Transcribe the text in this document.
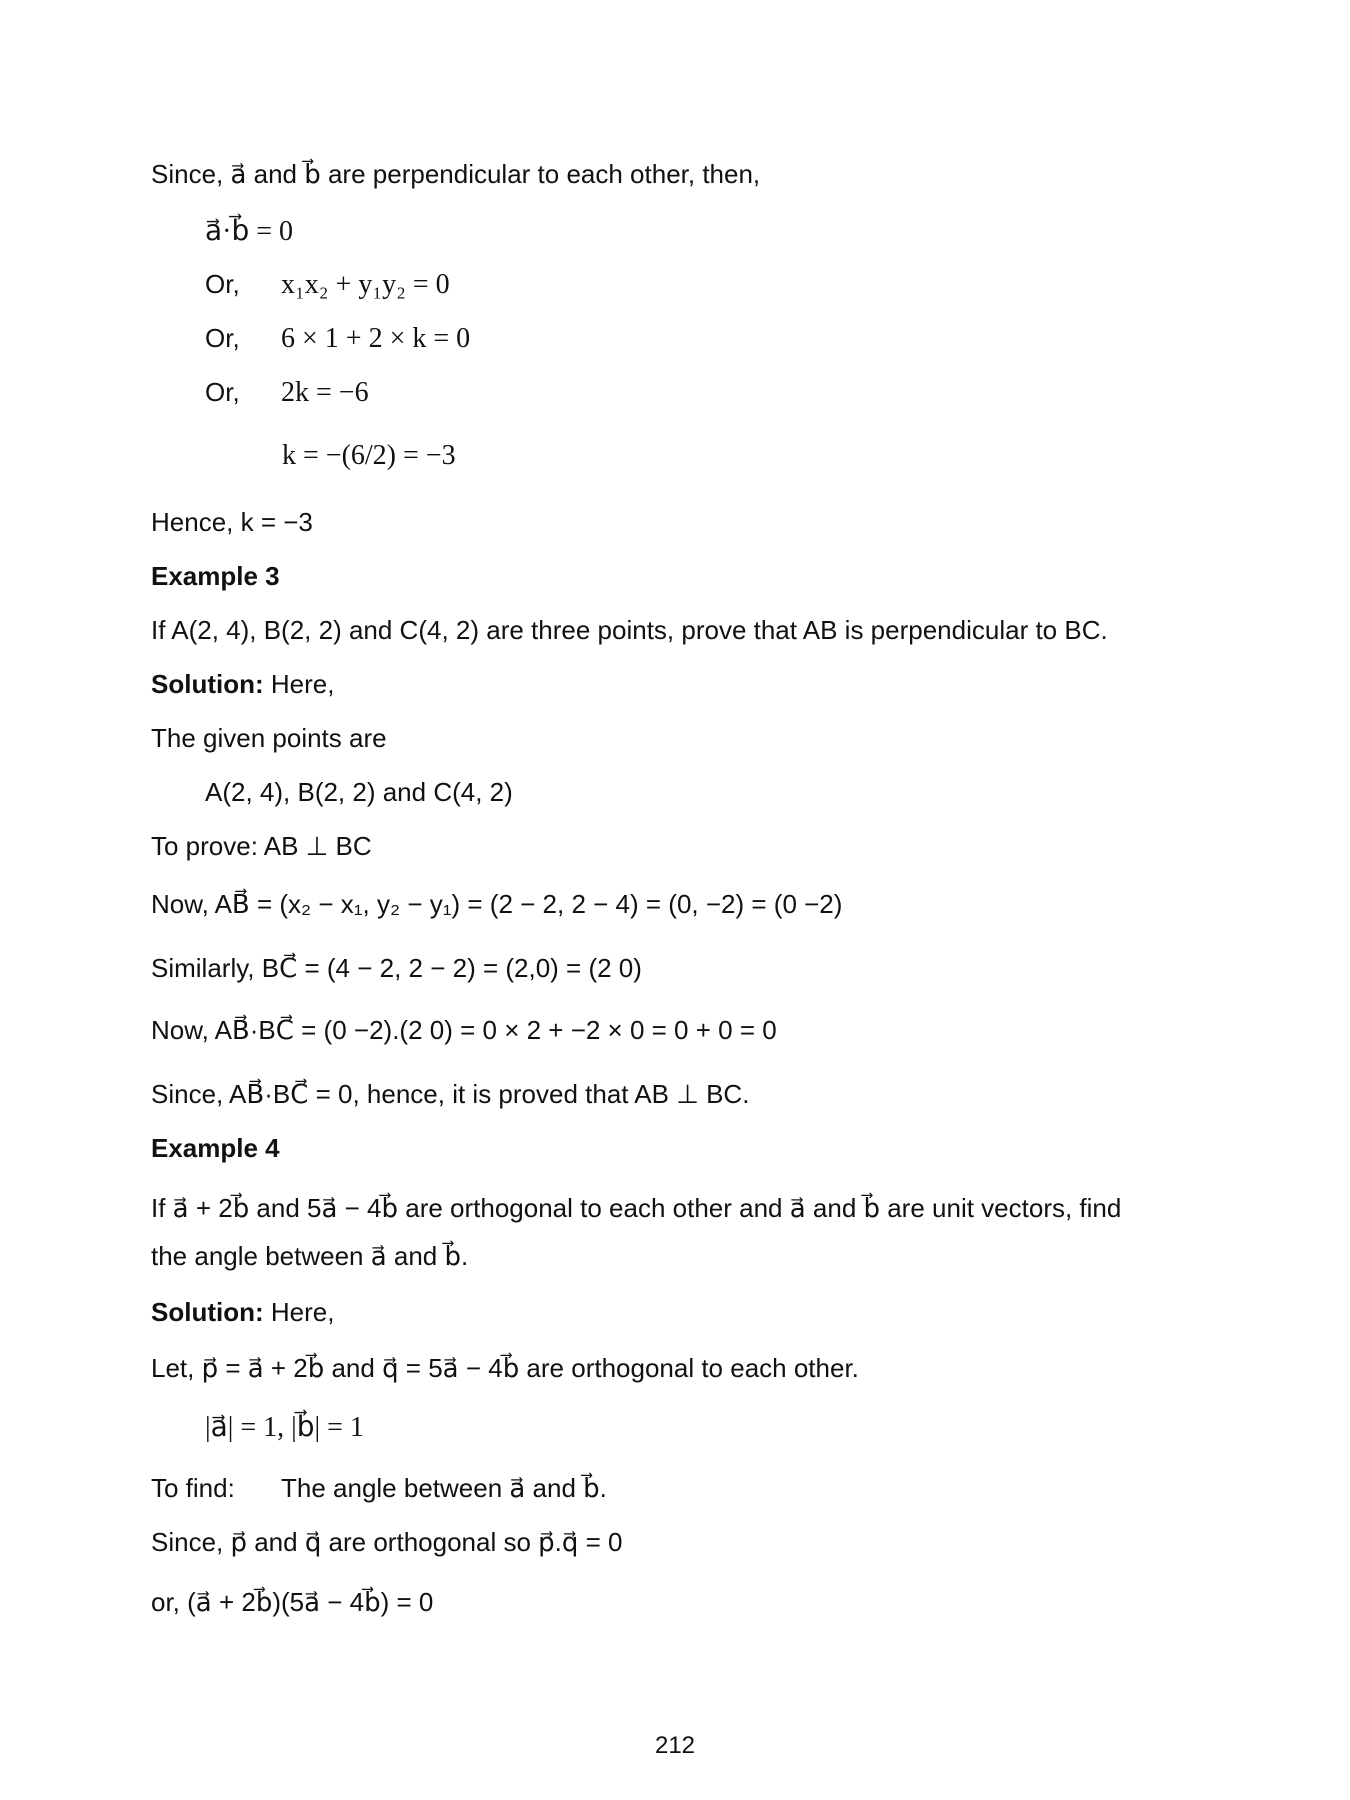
Since, a⃗ and b⃗ are perpendicular to each other, then,
a⃗·b⃗ = 0
Or, x₁x₂ + y₁y₂ = 0
Or, 6 × 1 + 2 × k = 0
Or, 2k = −6
k = −(6/2) = −3
Hence, k = −3
Example 3
If A(2, 4), B(2, 2) and C(4, 2) are three points, prove that AB is perpendicular to BC.
Solution: Here,
The given points are
A(2, 4), B(2, 2) and C(4, 2)
To prove: AB ⊥ BC
Now, AB⃗ = (x₂ − x₁, y₂ − y₁) = (2 − 2, 2 − 4) = (0, −2) = (0 −2)
Similarly, BC⃗ = (4 − 2, 2 − 2) = (2,0) = (2 0)
Now, AB⃗·BC⃗ = (0 −2).(2 0) = 0 × 2 + −2 × 0 = 0 + 0 = 0
Since, AB⃗·BC⃗ = 0, hence, it is proved that AB ⊥ BC.
Example 4
If a⃗ + 2b⃗ and 5a⃗ − 4b⃗ are orthogonal to each other and a⃗ and b⃗ are unit vectors, find
the angle between a⃗ and b⃗.
Solution: Here,
Let, p⃗ = a⃗ + 2b⃗ and q⃗ = 5a⃗ − 4b⃗ are orthogonal to each other.
|a⃗| = 1, |b⃗| = 1
To find: The angle between a⃗ and b⃗.
Since, p⃗ and q⃗ are orthogonal so p⃗.q⃗ = 0
or, (a⃗ + 2b⃗)(5a⃗ − 4b⃗) = 0
212
